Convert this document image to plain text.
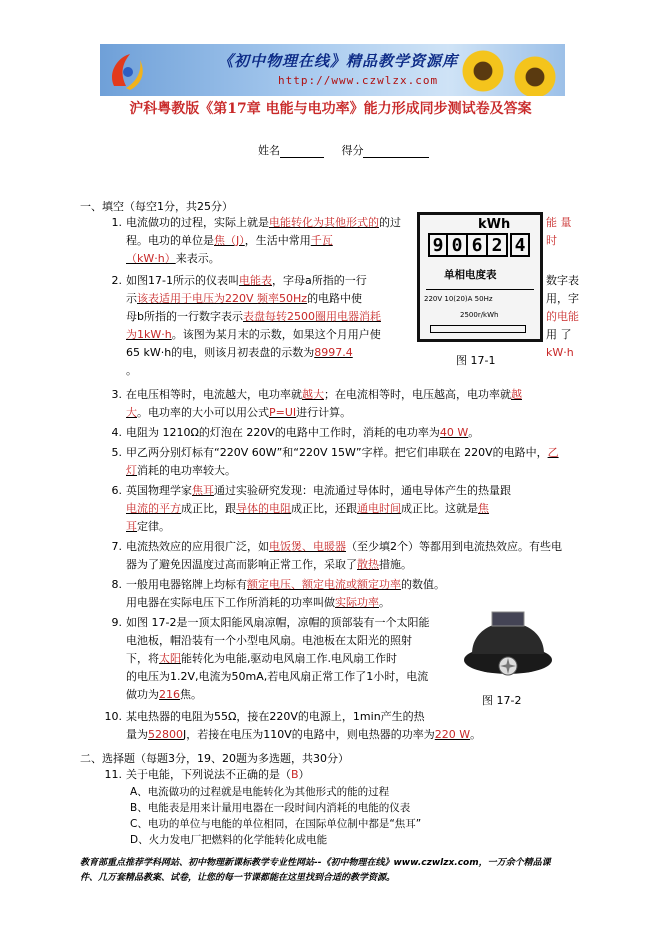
《初中物理在线》精品教学资源库
http://www.czwlzx.com
沪科粤教版《第17章 电能与电功率》能力形成同步测试卷及答案
姓名	得分
一、填空（每空1分，共25分）
1. 电流做功的过程，实际上就是电能转化为其他形式的的过程。电功的单位是焦（J），生活中常用千瓦
（kW·h）来表示。
能 量
时
2. 如图17-1所示的仪表叫电能表，字母a所指的一行
示该表适用于电压为220V 频率50Hz的电路中使
母b所指的一行数字表示表盘每转2500圈用电器消耗
为1kW·h。该图为某月末的示数，如果这个月用户使
65 kW·h的电，则该月初表盘的示数为8997.4
。
数字表
用，字
的电能
用 了
kW·h
kWh
9 0 6 2 4
单相电度表
220V 10(20)A 50Hz
2500r/kWh
图 17-1
3. 在电压相等时，电流越大，电功率就越大；在电流相等时，电压越高，电功率就越
大。电功率的大小可以用公式P=UI进行计算。
4. 电阻为 1210Ω的灯泡在 220V的电路中工作时，消耗的电功率为40 W。
5. 甲乙两分别灯标有“220V 60W”和“220V 15W”字样。把它们串联在 220V的电路中，乙
灯消耗的电功率较大。
6. 英国物理学家焦耳通过实验研究发现：电流通过导体时，通电导体产生的热量跟
电流的平方成正比，跟导体的电阻成正比，还跟通电时间成正比。这就是焦
耳定律。
7. 电流热效应的应用很广泛，如电饭煲、电暖器（至少填2个）等都用到电流热效应。有些电器为了避免因温度过高而影响正常工作，采取了散热措施。
8. 一般用电器铭牌上均标有额定电压、额定电流或额定功率的数值。用电器在实际电压下工作所消耗的功率叫做实际功率。
9. 如图 17-2是一顶太阳能风扇凉帽，凉帽的顶部装有一个太阳能
电池板，帽沿装有一个小型电风扇。电池板在太阳光的照射
下，将太阳能转化为电能,驱动电风扇工作.电风扇工作时
的电压为1.2V,电流为50mA,若电风扇正常工作了1小时，电流
做功为216焦。	图 17-2
10. 某电热器的电阻为55Ω，接在220V的电源上，1min产生的热
量为52800J，若接在电压为110V的电路中，则电热器的功率为220 W。
二、选择题（每题3分，19、20题为多选题，共30分）
11. 关于电能，下列说法不正确的是（B）
A、电流做功的过程就是电能转化为其他形式的能的过程
B、电能表是用来计量用电器在一段时间内消耗的电能的仪表
C、电功的单位与电能的单位相同，在国际单位制中都是“焦耳”
D、火力发电厂把燃料的化学能转化成电能
教育部重点推荐学科网站、初中物理新课标教学专业性网站--《初中物理在线》www.czwlzx.com，一万余个精品课
件、几万套精品教案、试卷，让您的每一节课都能在这里找到合适的教学资源。
